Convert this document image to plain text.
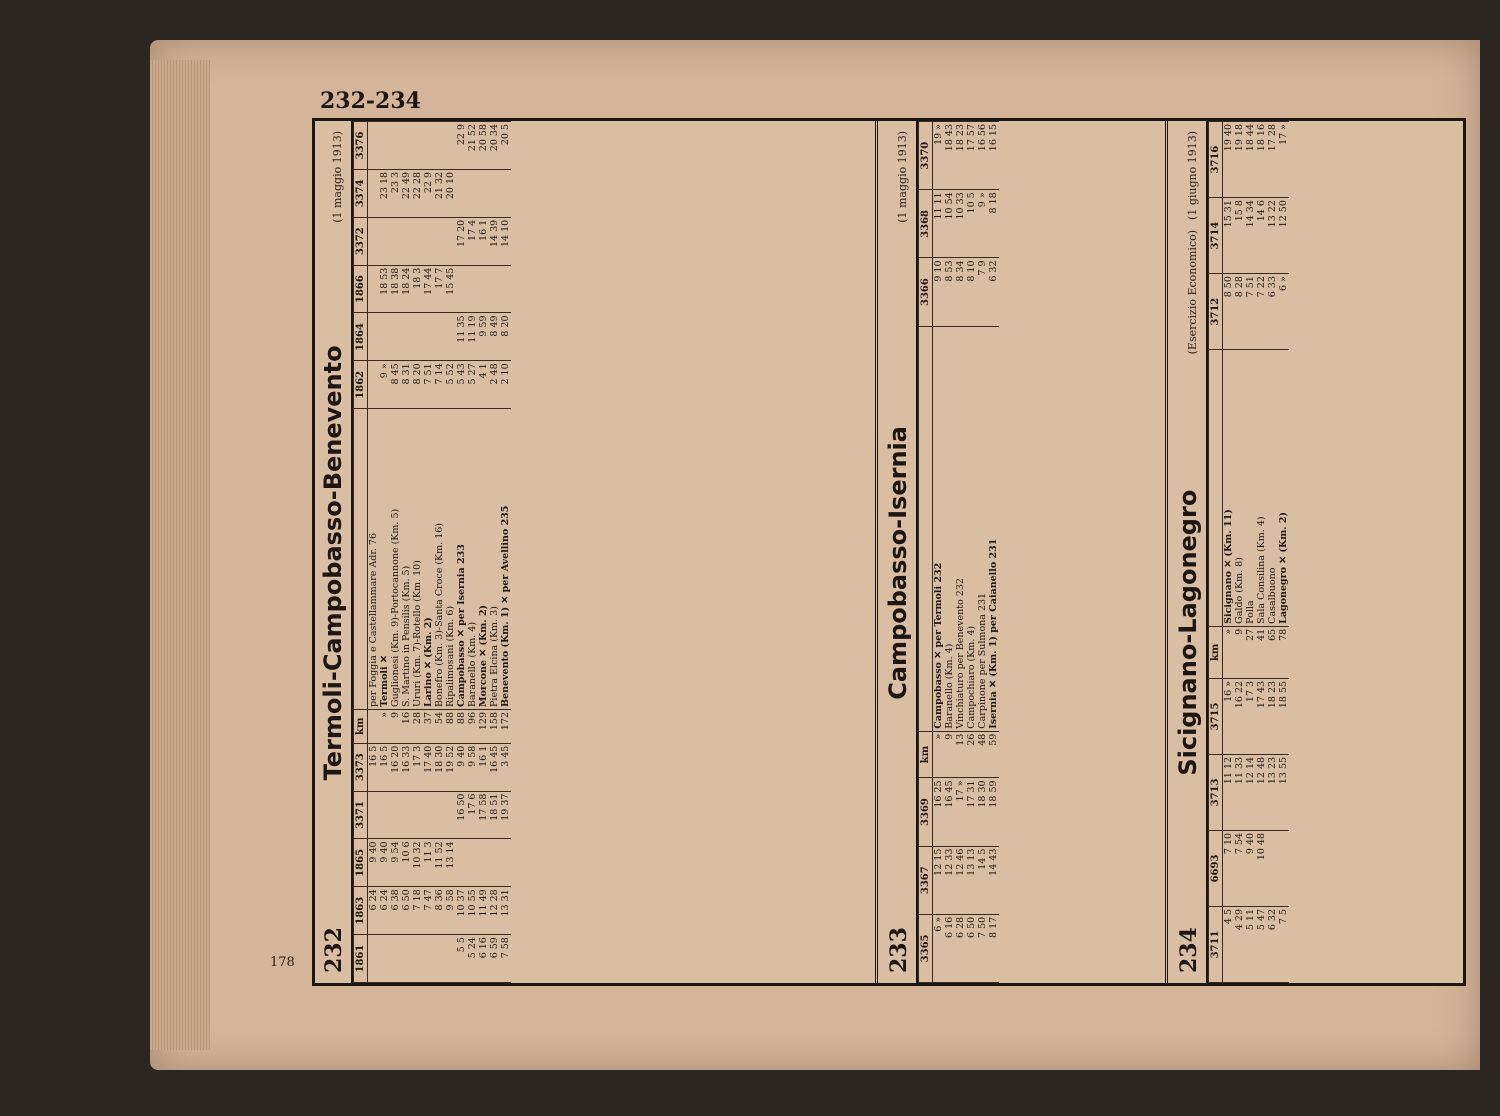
232-234
178 232
Termoli-Campobasso-Benevento
(1 maggio 1913)
1861	1863	1865	3371	3373	km		1862	1864	1866	3372	3374	3376
	6 24	9 40		16 5		per Foggia e Castellammare Adr. 76						
	6 24	9 40		16 5	»	Termoli ✕	9 »		18 53		23 18	
	6 38	9 54		16 20	9	Guglionesi (Km. 9)-Portocannone (Km. 5)	8 45		18 38		23 3	
	6 50	10 6		16 33	16	S. Martino in Pensilis (Km. 5)	8 31		18 24		22 49	
	7 18	10 32		17 3	28	Ururi (Km. 7)-Rotello (Km. 10)	8 20		18 3		22 28	
	7 47	11 3		17 40	37	Larino ✕ (Km. 2)	7 51		17 44		22 9	
	8 36	11 52		18 30	54	Bonefro (Km. 3)-Santa Croce (Km. 16)	7 14		17 7		21 32	
	9 58	13 14		19 52	88	Ripalimosani (Km. 6)	5 52		15 45		20 10	
5 5	10 37		16 50	9 40	88	Campobasso ✕ per Isernia 233	5 43	11 35		17 20		22 9
5 24	10 55		17 6	9 58	96	Baranello (Km. 4)	5 27	11 19		17 4		21 52
6 16	11 49		17 58	16 1	129	Morcone ✕ (Km. 2)	4 1	9 59		16 1		20 58
6 59	12 28		18 51	16 45	158	Pietra Elcina (Km. 3)	2 48	8 49		14 39		20 34
7 58	13 31		19 37	3 45	172	Benevento (Km. 1) ✕ per Avellino 235	2 10	8 20		14 10		20 5
233
Campobasso-Isernia
(1 maggio 1913)
3365	3367	3369	km		3366	3368	3370
6 »	12 15	16 25	»	Campobasso ✕ per Termoli 232	9 10	11 11	19 »
6 16	12 33	16 45	9	Baranello (Km. 4)	8 53	10 54	18 43
6 28	12 46	17 »	13	Vinchiaturo per Benevento 232	8 34	10 33	18 23
6 50	13 13	17 31	26	Campochiaro (Km. 4)	8 10	10 5	17 57
7 50	14 5	18 30	48	Carpinone per Sulmona 231	7 9	9 »	16 56
8 17	14 43	18 59	59	Isernia ✕ (Km. 1) per Caianello 231	6 32	8 18	16 15
234
Sicignano-Lagonegro
(Esercizio Economico)
(1 giugno 1913)
3711	6693	3713	3715	km		3712	3714	3716
4 5	7 10	11 12	16 »	»	Sicignano ✕ (Km. 11)	8 50	15 31	19 40
4 29	7 54	11 33	16 22	9	Galdo (Km. 8)	8 28	15 8	19 18
5 11	9 40	12 14	17 3	27	Polla	7 51	14 34	18 44
5 47	10 48	12 48	17 43	41	Sala Consilina (Km. 4)	7 22	14 6	18 16
6 32		13 23	18 23	65	Casalbuono	6 33	13 22	17 28
7 5		13 55	18 55	78	Lagonegro ✕ (Km. 2)	6 »	12 50	17 »
